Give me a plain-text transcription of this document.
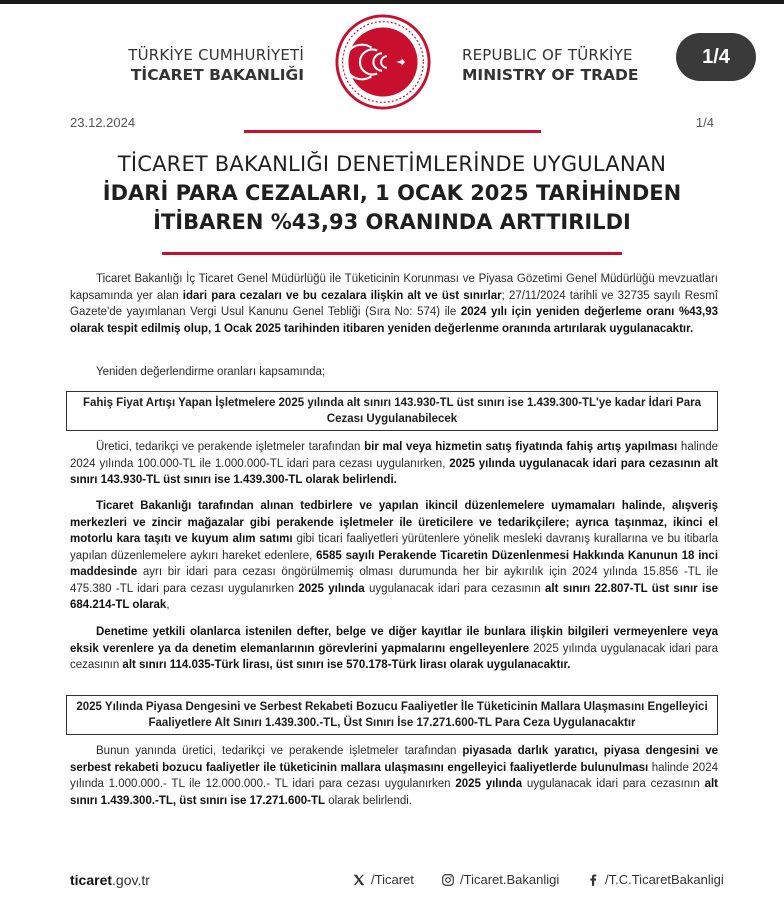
TÜRKİYE CUMHURİYETİ
TİCARET BAKANLIĞI
REPUBLIC OF TÜRKİYE
MINISTRY OF TRADE
1/4
23.12.2024	1/4
TİCARET BAKANLIĞI DENETİMLERİNDE UYGULANAN
İDARİ PARA CEZALARI, 1 OCAK 2025 TARİHİNDEN
İTİBAREN %43,93 ORANINDA ARTTIRILDI
Ticaret Bakanlığı İç Ticaret Genel Müdürlüğü ile Tüketicinin Korunması ve Piyasa Gözetimi Genel Müdürlüğü mevzuatları kapsamında yer alan idari para cezaları ve bu cezalara ilişkin alt ve üst sınırlar; 27/11/2024 tarihli ve 32735 sayılı Resmî Gazete'de yayımlanan Vergi Usul Kanunu Genel Tebliği (Sıra No: 574) ile 2024 yılı için yeniden değerleme oranı %43,93 olarak tespit edilmiş olup, 1 Ocak 2025 tarihinden itibaren yeniden değerlenme oranında artırılarak uygulanacaktır.
Yeniden değerlendirme oranları kapsamında;
Fahiş Fiyat Artışı Yapan İşletmelere 2025 yılında alt sınırı 143.930-TL üst sınırı ise 1.439.300-TL'ye kadar İdari Para Cezası Uygulanabilecek
Üretici, tedarikçi ve perakende işletmeler tarafından bir mal veya hizmetin satış fiyatında fahiş artış yapılması halinde 2024 yılında 100.000-TL ile 1.000.000-TL idari para cezası uygulanırken, 2025 yılında uygulanacak idari para cezasının alt sınırı 143.930-TL üst sınırı ise 1.439.300-TL olarak belirlendi.
Ticaret Bakanlığı tarafından alınan tedbirlere ve yapılan ikincil düzenlemelere uymamaları halinde, alışveriş merkezleri ve zincir mağazalar gibi perakende işletmeler ile üreticilere ve tedarikçilere; ayrıca taşınmaz, ikinci el motorlu kara taşıtı ve kuyum alım satımı gibi ticari faaliyetleri yürütenlere yönelik mesleki davranış kurallarına ve bu itibarla yapılan düzenlemelere aykırı hareket edenlere, 6585 sayılı Perakende Ticaretin Düzenlenmesi Hakkında Kanunun 18 inci maddesinde ayrı bir idari para cezası öngörülmemiş olması durumunda her bir aykırılık için 2024 yılında 15.856 -TL ile 475.380 -TL idari para cezası uygulanırken 2025 yılında uygulanacak idari para cezasının alt sınırı 22.807-TL üst sınır ise 684.214-TL olarak,
Denetime yetkili olanlarca istenilen defter, belge ve diğer kayıtlar ile bunlara ilişkin bilgileri vermeyenlere veya eksik verenlere ya da denetim elemanlarının görevlerini yapmalarını engelleyenlere 2025 yılında uygulanacak idari para cezasının alt sınırı 114.035-Türk lirası, üst sınırı ise 570.178-Türk lirası olarak uygulanacaktır.
2025 Yılında Piyasa Dengesini ve Serbest Rekabeti Bozucu Faaliyetler İle Tüketicinin Mallara Ulaşmasını Engelleyici Faaliyetlere Alt Sınırı 1.439.300.-TL, Üst Sınırı İse 17.271.600-TL Para Ceza Uygulanacaktır
Bunun yanında üretici, tedarikçi ve perakende işletmeler tarafından piyasada darlık yaratıcı, piyasa dengesini ve serbest rekabeti bozucu faaliyetler ile tüketicinin mallara ulaşmasını engelleyici faaliyetlerde bulunulması halinde 2024 yılında 1.000.000.- TL ile 12.000.000.- TL idari para cezası uygulanırken 2025 yılında uygulanacak idari para cezasının alt sınırı 1.439.300.-TL, üst sınırı ise 17.271.600-TL olarak belirlendi.
ticaret.gov.tr	/Ticaret	/Ticaret.Bakanligi	/T.C.TicaretBakanligi
